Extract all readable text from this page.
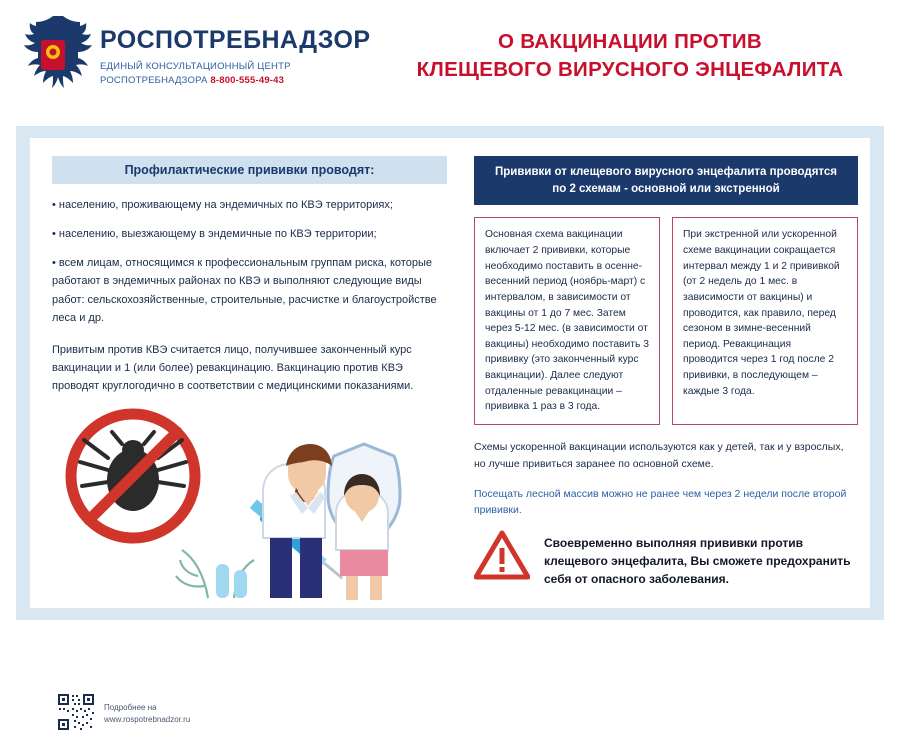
РОСПОТРЕБНАДЗОР
ЕДИНЫЙ КОНСУЛЬТАЦИОННЫЙ ЦЕНТР
РОСПОТРЕБНАДЗОРА 8-800-555-49-43
О ВАКЦИНАЦИИ ПРОТИВ
КЛЕЩЕВОГО ВИРУСНОГО ЭНЦЕФАЛИТА
Профилактические прививки проводят:

• населению, проживающему на эндемичных по КВЭ территориях;

• населению, выезжающему в эндемичные по КВЭ территории;

• всем лицам, относящимся к профессиональным группам риска, которые работают в эндемичных районах по КВЭ и выполняют следующие виды работ: сельскохозяйственные, строительные, расчистке и благоустройстве леса и др.

Привитым против КВЭ считается лицо, получившее законченный курс вакцинации и 1 (или более) ревакцинацию. Вакцинацию против КВЭ проводят круглогодично в соответствии с медицинскими показаниями.

Подробнее на
www.rospotrebnadzor.ru
Прививки от клещевого вирусного энцефалита проводятся
по 2 схемам - основной или экстренной
Основная схема вакцинации включает 2 прививки, которые необходимо поставить в осенне-весенний период (ноябрь-март) с интервалом, в зависимости от вакцины от 1 до 7 мес. Затем через 5-12 мес. (в зависимости от вакцины) необходимо поставить 3 прививку (это законченный курс вакцинации). Далее следуют отдаленные ревакцинации – прививка 1 раз в 3 года.
При экстренной или ускоренной схеме вакцинации сокращается интервал между 1 и 2 прививкой (от 2 недель до 1 мес. в зависимости от вакцины) и проводится, как правило, перед сезоном в зимне-весенний период. Ревакцинация проводится через 1 год после 2 прививки, в последующем – каждые 3 года.
Схемы ускоренной вакцинации используются как у детей, так и у взрослых, но лучше привиться заранее по основной схеме.
Посещать лесной массив можно не ранее чем через 2 недели после второй прививки.
Своевременно выполняя прививки против клещевого энцефалита, Вы сможете предохранить себя от опасного заболевания.
